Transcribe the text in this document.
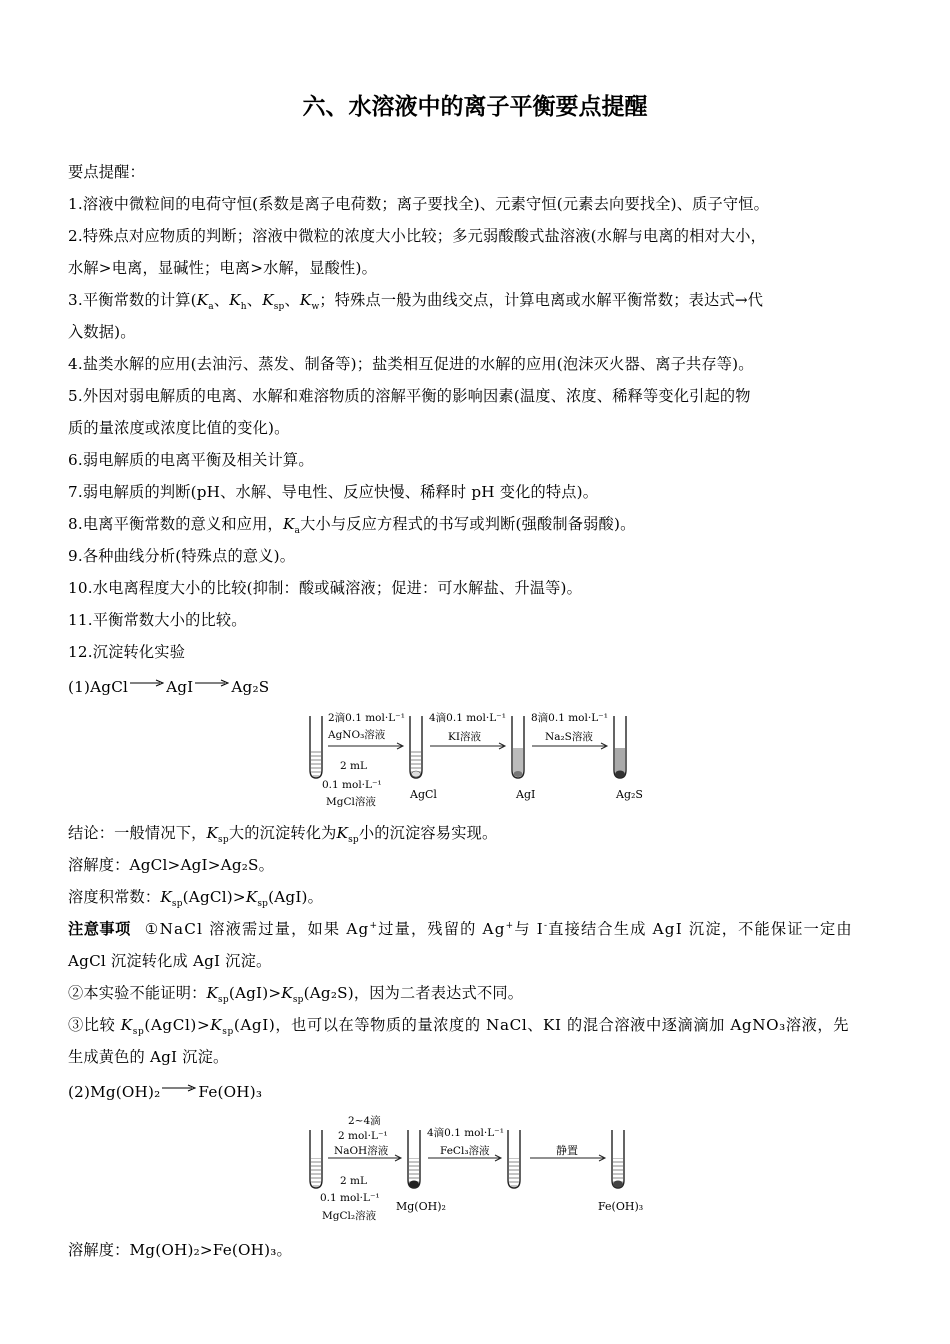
六、水溶液中的离子平衡要点提醒
要点提醒：
1.溶液中微粒间的电荷守恒(系数是离子电荷数；离子要找全)、元素守恒(元素去向要找全)、质子守恒。
2.特殊点对应物质的判断；溶液中微粒的浓度大小比较；多元弱酸酸式盐溶液(水解与电离的相对大小，
水解>电离，显碱性；电离>水解，显酸性)。
3.平衡常数的计算($K_a$、$K_h$、$K_{sp}$、$K_w$；特殊点一般为曲线交点，计算电离或水解平衡常数；表达式→代
入数据)。
4.盐类水解的应用(去油污、蒸发、制备等)；盐类相互促进的水解的应用(泡沫灭火器、离子共存等)。
5.外因对弱电解质的电离、水解和难溶物质的溶解平衡的影响因素(温度、浓度、稀释等变化引起的物
质的量浓度或浓度比值的变化)。
6.弱电解质的电离平衡及相关计算。
7.弱电解质的判断(pH、水解、导电性、反应快慢、稀释时 pH 变化的特点)。
8.电离平衡常数的意义和应用，$K_a$大小与反应方程式的书写或判断(强酸制备弱酸)。
9.各种曲线分析(特殊点的意义)。
10.水电离程度大小的比较(抑制：酸或碱溶液；促进：可水解盐、升温等)。
11.平衡常数大小的比较。
12.沉淀转化实验
(1)AgCl	AgI	Ag₂S
2滴0.1 mol·L⁻¹
AgNO₃溶液
4滴0.1 mol·L⁻¹
KI溶液
8滴0.1 mol·L⁻¹
Na₂S溶液
2 mL
0.1 mol·L⁻¹
MgCl溶液
AgCl	AgI	Ag₂S
结论：一般情况下，$K_{sp}$大的沉淀转化为$K_{sp}$小的沉淀容易实现。
溶解度：AgCl>AgI>Ag₂S。
溶度积常数：$K_{sp}(AgCl)>K_{sp}(AgI)$。
注意事项 ①NaCl 溶液需过量，如果 Ag+过量，残留的 Ag+与 I-直接结合生成 AgI 沉淀，不能保证一定由
AgCl 沉淀转化成 AgI 沉淀。
②本实验不能证明：$K_{sp}(AgI)>K_{sp}(Ag_2S)$，因为二者表达式不同。
③比较 $K_{sp}(AgCl)>K_{sp}(AgI)$，也可以在等物质的量浓度的 NaCl、KI 的混合溶液中逐滴滴加 AgNO₃溶液，先
生成黄色的 AgI 沉淀。
(2)Mg(OH)₂	Fe(OH)₃
2~4滴
2 mol·L⁻¹
NaOH溶液
4滴0.1 mol·L⁻¹
FeCl₃溶液	静置
2 mL
0.1 mol·L⁻¹
MgCl₂溶液
Mg(OH)₂	Fe(OH)₃
溶解度：Mg(OH)₂>Fe(OH)₃。
